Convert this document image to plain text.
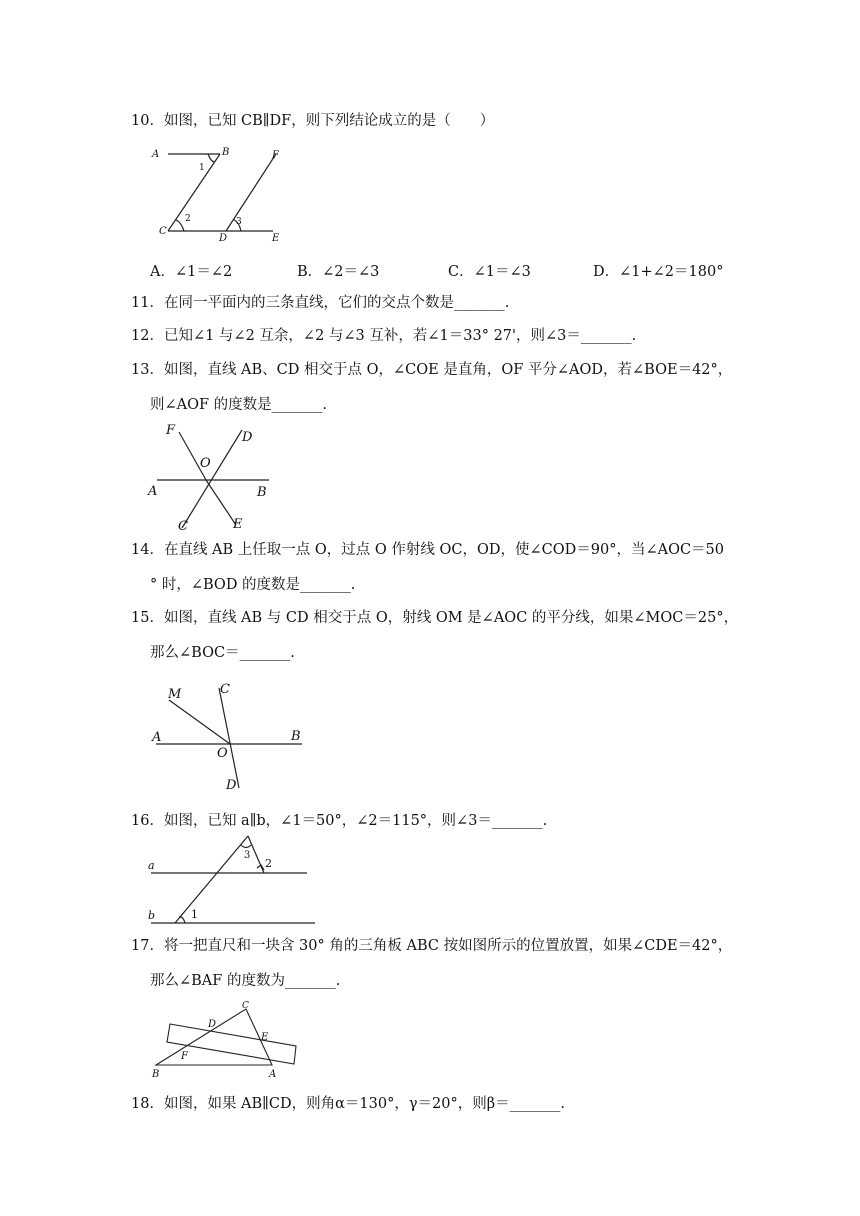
10．如图，已知 CB∥DF，则下列结论成立的是（　　）
A	B
1
F
C
2
D
3
E
A．∠1＝∠2	B．∠2＝∠3	C．∠1＝∠3	D．∠1+∠2＝180°
11．在同一平面内的三条直线，它们的交点个数是_______.
12．已知∠1 与∠2 互余，∠2 与∠3 互补，若∠1＝33° 27'，则∠3＝_______.
13．如图，直线 AB、CD 相交于点 O，∠COE 是直角，OF 平分∠AOD，若∠BOE＝42°，
则∠AOF 的度数是_______.
F	D
O
A	B
C	E
14．在直线 AB 上任取一点 O，过点 O 作射线 OC，OD，使∠COD＝90°，当∠AOC＝50
° 时，∠BOD 的度数是_______.
15．如图，直线 AB 与 CD 相交于点 O，射线 OM 是∠AOC 的平分线，如果∠MOC＝25°，
那么∠BOC＝_______.
M	C
A	B
O
D
16．如图，已知 a∥b，∠1＝50°，∠2＝115°，则∠3＝_______.
3
2
a
b	1
17．将一把直尺和一块含 30° 角的三角板 ABC 按如图所示的位置放置，如果∠CDE＝42°，
那么∠BAF 的度数为_______.
C
D
E
F
B	A
18．如图，如果 AB∥CD，则角α＝130°，γ＝20°，则β＝_______.
